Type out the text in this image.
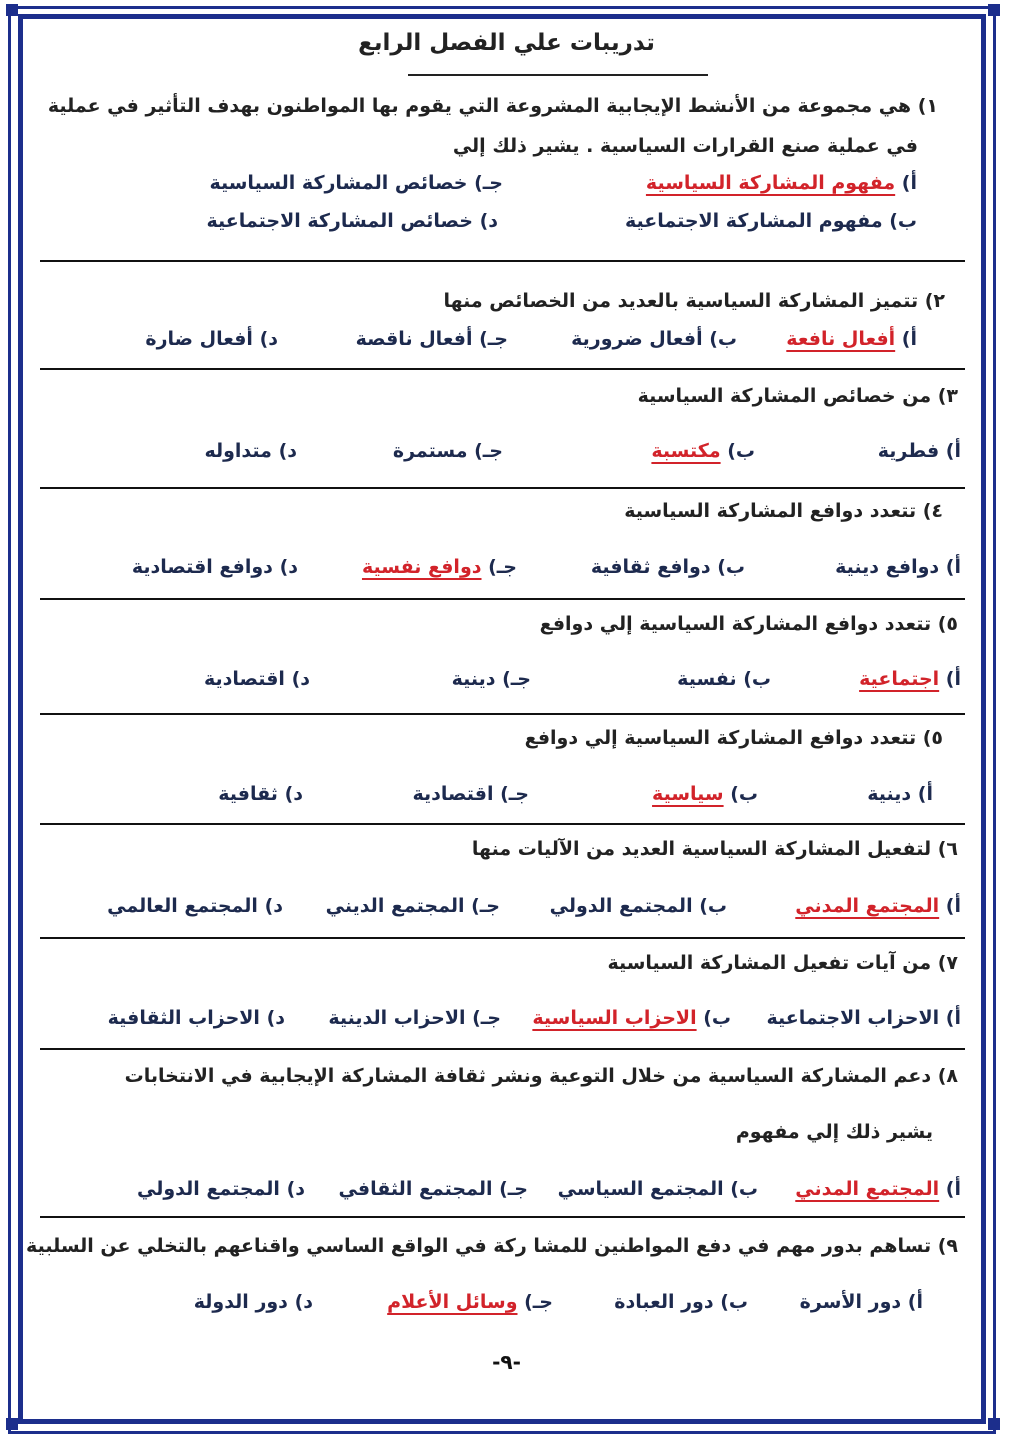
تدريبات علي الفصل الرابع
١) هي مجموعة من الأنشط الإيجابية المشروعة التي يقوم بها المواطنون بهدف التأثير في عملية
في عملية صنع القرارات السياسية . يشير ذلك إلي
أ) مفهوم المشاركة السياسية
ب) مفهوم المشاركة الاجتماعية
جـ) خصائص المشاركة السياسية
د) خصائص المشاركة الاجتماعية
٢) تتميز المشاركة السياسية بالعديد من الخصائص منها
أ) أفعال نافعة
ب) أفعال ضرورية
جـ) أفعال ناقصة
د) أفعال ضارة
٣) من خصائص المشاركة السياسية
أ) فطرية
ب) مكتسبة
جـ) مستمرة
د) متداوله
٤) تتعدد دوافع المشاركة السياسية
أ) دوافع دينية
ب) دوافع ثقافية
جـ) دوافع نفسية
د) دوافع اقتصادية
٥) تتعدد دوافع المشاركة السياسية إلي دوافع
أ) اجتماعية
ب) نفسية
جـ) دينية
د) اقتصادية
٥) تتعدد دوافع المشاركة السياسية إلي دوافع
أ) دينية
ب) سياسية
جـ) اقتصادية
د) ثقافية
٦) لتفعيل المشاركة السياسية العديد من الآليات منها
أ) المجتمع المدني
ب) المجتمع الدولي
جـ) المجتمع الديني
د) المجتمع العالمي
٧) من آيات تفعيل المشاركة السياسية
أ) الاحزاب الاجتماعية
ب) الاحزاب السياسية
جـ) الاحزاب الدينية
د) الاحزاب الثقافية
٨) دعم المشاركة السياسية من خلال التوعية ونشر ثقافة المشاركة الإيجابية في الانتخابات
يشير ذلك إلي مفهوم
أ) المجتمع المدني
ب) المجتمع السياسي
جـ) المجتمع الثقافي
د) المجتمع الدولي
٩) تساهم بدور مهم في دفع المواطنين للمشا ركة في الواقع الساسي واقناعهم بالتخلي عن السلبية
أ) دور الأسرة
ب) دور العبادة
جـ) وسائل الأعلام
د) دور الدولة
-٩-
